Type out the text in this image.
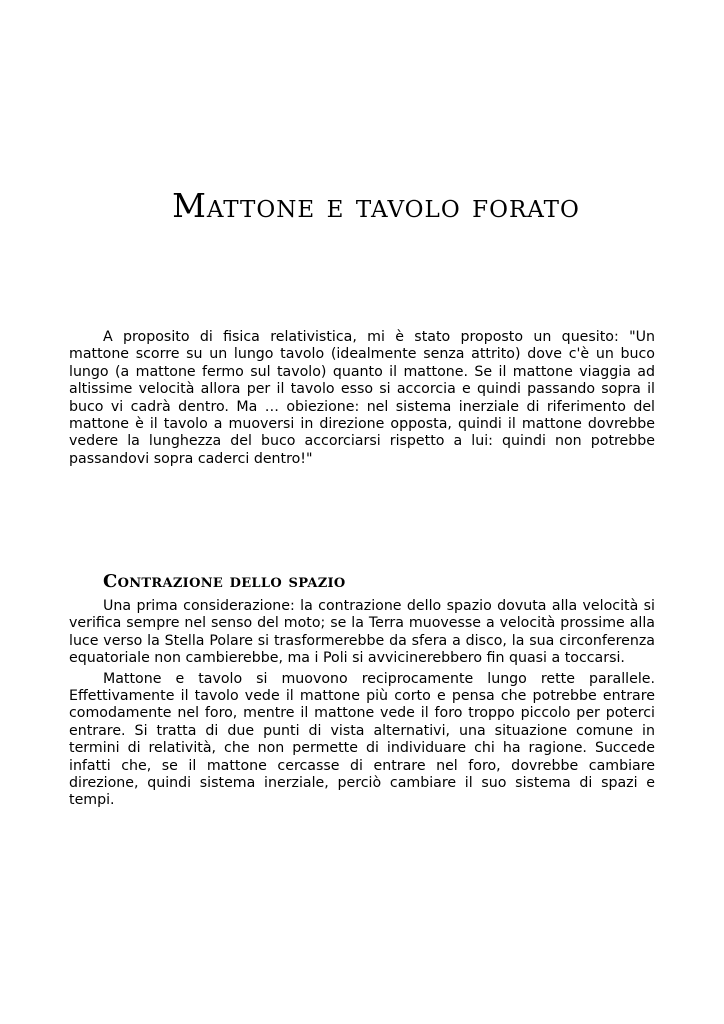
Mattone e tavolo forato

A proposito di fisica relativistica, mi è stato proposto un quesito: "Un mattone scorre su un lungo tavolo (idealmente senza attrito) dove c'è un buco lungo (a mattone fermo sul tavolo) quanto il mattone. Se il mattone viaggia ad altissime velocità allora per il tavolo esso si accorcia e quindi passando sopra il buco vi cadrà dentro. Ma … obiezione: nel sistema inerziale di riferimento del mattone è il tavolo a muoversi in direzione opposta, quindi il mattone dovrebbe vedere la lunghezza del buco accorciarsi rispetto a lui: quindi non potrebbe passandovi sopra caderci dentro!"

Contrazione dello spazio

Una prima considerazione: la contrazione dello spazio dovuta alla velocità si verifica sempre nel senso del moto; se la Terra muovesse a velocità prossime alla luce verso la Stella Polare si trasformerebbe da sfera a disco, la sua circonferenza equatoriale non cambierebbe, ma i Poli si avvicinerebbero fin quasi a toccarsi.

Mattone e tavolo si muovono reciprocamente lungo rette parallele. Effettivamente il tavolo vede il mattone più corto e pensa che potrebbe entrare comodamente nel foro, mentre il mattone vede il foro troppo piccolo per poterci entrare. Si tratta di due punti di vista alternativi, una situazione comune in termini di relatività, che non permette di individuare chi ha ragione. Succede infatti che, se il mattone cercasse di entrare nel foro, dovrebbe cambiare direzione, quindi sistema inerziale, perciò cambiare il suo sistema di spazi e tempi.
